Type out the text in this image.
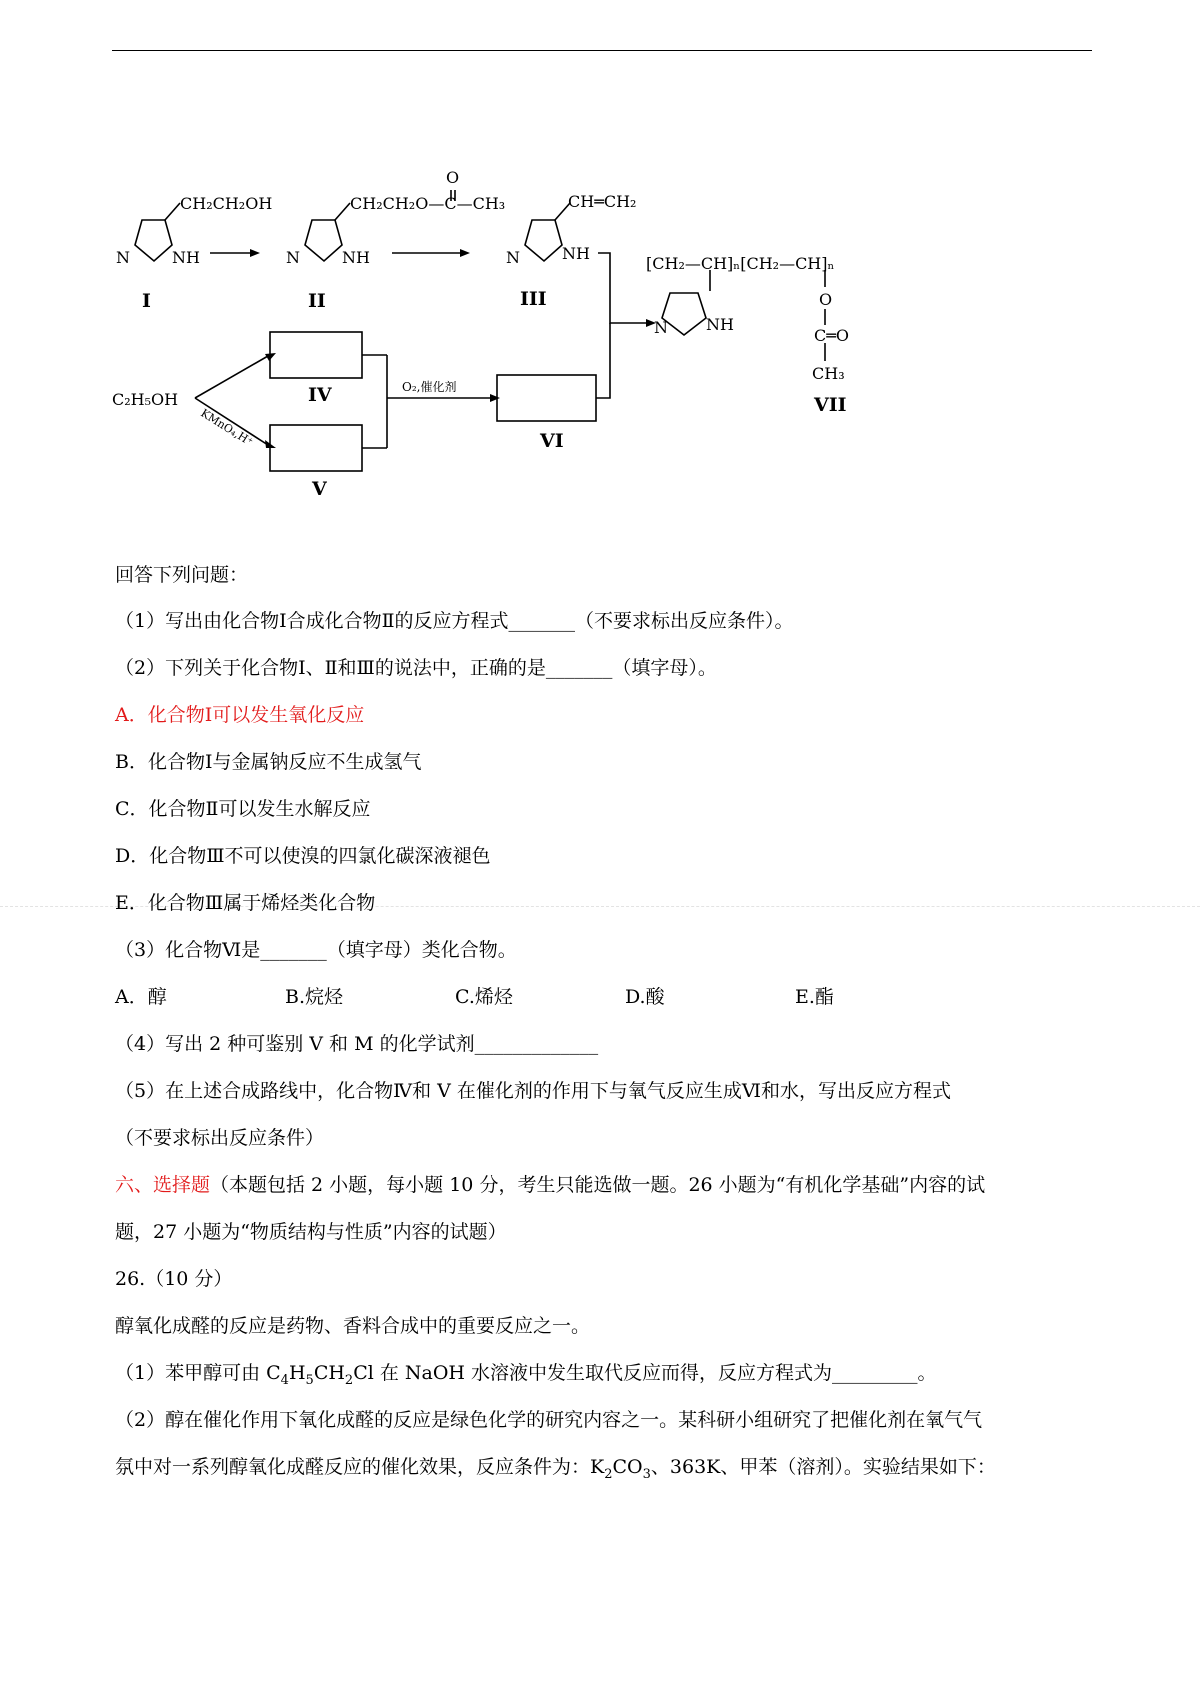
CH₂CH₂OH
N	NH
O
CH₂CH₂O—C—CH₃
N	NH
CH═CH₂
N	NH
C₂H₅OH
[CH₂—CH]ₙ[CH₂—CH]ₙ
N NH
O
C═O
CH₃
O₂,催化剂
KMnO₄,H⁺
I	II	III
IV
V
VI
VII
回答下列问题：
（1）写出由化合物Ⅰ合成化合物Ⅱ的反应方程式_______（不要求标出反应条件）。
（2）下列关于化合物Ⅰ、Ⅱ和Ⅲ的说法中，正确的是_______（填字母）。
A．化合物Ⅰ可以发生氧化反应
B．化合物Ⅰ与金属钠反应不生成氢气
C．化合物Ⅱ可以发生水解反应
D．化合物Ⅲ不可以使溴的四氯化碳深液褪色
E．化合物Ⅲ属于烯烃类化合物
（3）化合物Ⅵ是_______（填字母）类化合物。
A．醇	B.烷烃	C.烯烃	D.酸	E.酯
（4）写出 2 种可鉴别 V 和 M 的化学试剂_____________
（5）在上述合成路线中，化合物Ⅳ和 V 在催化剂的作用下与氧气反应生成Ⅵ和水，写出反应方程式
（不要求标出反应条件）
六、选择题（本题包括 2 小题，每小题 10 分，考生只能选做一题。26 小题为“有机化学基础”内容的试
题，27 小题为“物质结构与性质”内容的试题）
26.（10 分）
醇氧化成醛的反应是药物、香料合成中的重要反应之一。
（1）苯甲醇可由 $C_4H_5CH_2Cl$ 在 NaOH 水溶液中发生取代反应而得，反应方程式为_________。
（2）醇在催化作用下氧化成醛的反应是绿色化学的研究内容之一。某科研小组研究了把催化剂在氧气气
氛中对一系列醇氧化成醛反应的催化效果，反应条件为：$K_2CO_3$、363K、甲苯（溶剂）。实验结果如下：
